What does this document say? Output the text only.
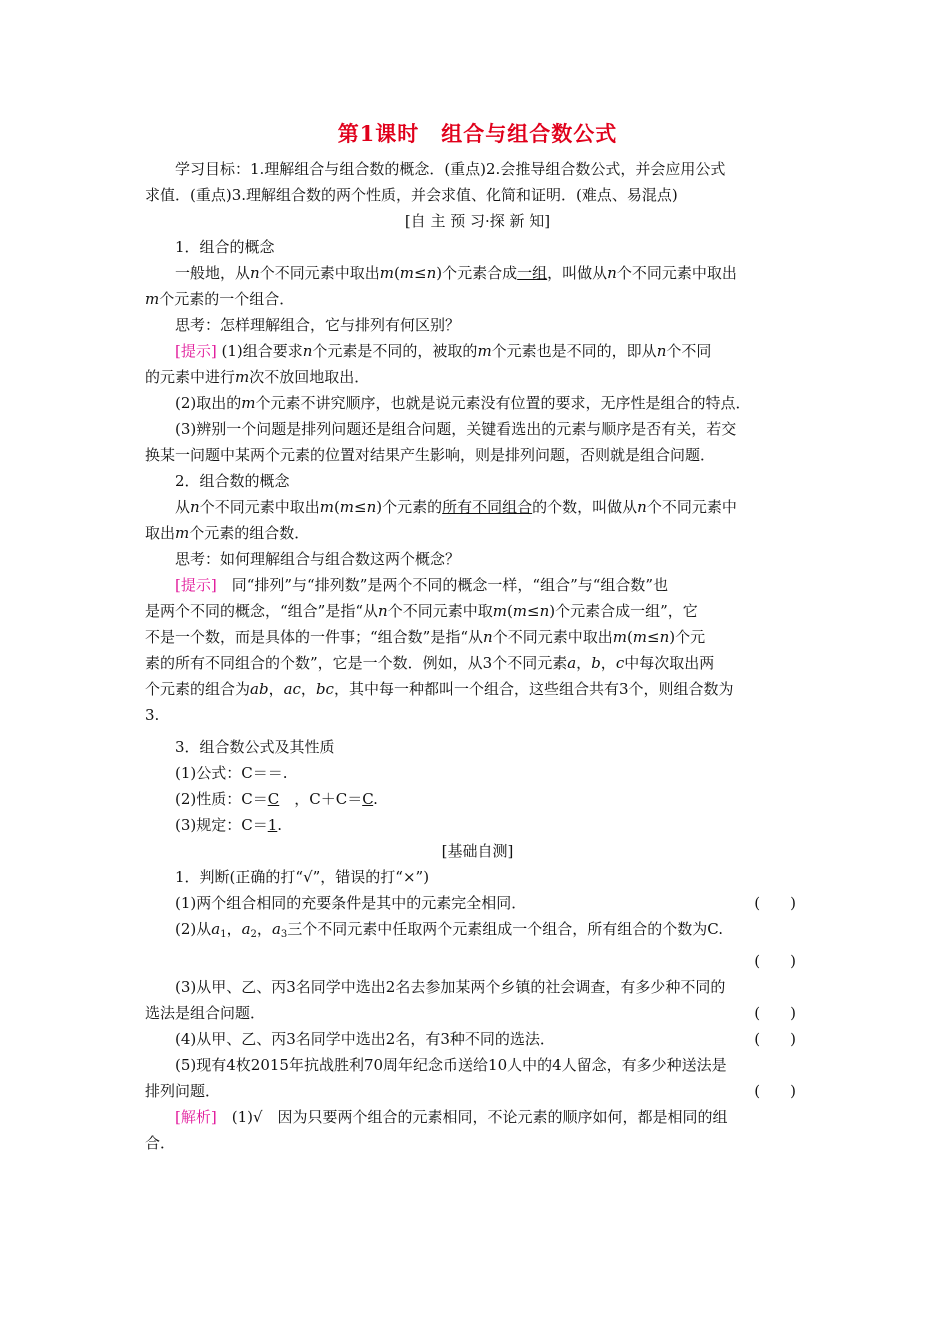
第1课时　组合与组合数公式
学习目标：1.理解组合与组合数的概念．(重点)2.会推导组合数公式，并会应用公式
求值．(重点)3.理解组合数的两个性质，并会求值、化简和证明．(难点、易混点)
[自 主 预 习·探 新 知]
1．组合的概念
一般地，从n个不同元素中取出m(m≤n)个元素合成一组，叫做从n个不同元素中取出
m个元素的一个组合．
思考：怎样理解组合，它与排列有何区别？
[提示] (1)组合要求n个元素是不同的，被取的m个元素也是不同的，即从n个不同
的元素中进行m次不放回地取出．
(2)取出的m个元素不讲究顺序，也就是说元素没有位置的要求，无序性是组合的特点．
(3)辨别一个问题是排列问题还是组合问题，关键看选出的元素与顺序是否有关，若交
换某一问题中某两个元素的位置对结果产生影响，则是排列问题，否则就是组合问题．
2．组合数的概念
从n个不同元素中取出m(m≤n)个元素的所有不同组合的个数，叫做从n个不同元素中
取出m个元素的组合数．
思考：如何理解组合与组合数这两个概念？
[提示]　同“排列”与“排列数”是两个不同的概念一样，“组合”与“组合数”也
是两个不同的概念，“组合”是指“从n个不同元素中取m(m≤n)个元素合成一组”，它
不是一个数，而是具体的一件事；“组合数”是指“从n个不同元素中取出m(m≤n)个元
素的所有不同组合的个数”，它是一个数．例如，从3个不同元素a，b，c中每次取出两
个元素的组合为ab，ac，bc，其中每一种都叫一个组合，这些组合共有3个，则组合数为
3.
3．组合数公式及其性质
(1)公式：C＝＝.
(2)性质：C＝C　 ，C＋C＝C.
(3)规定：C＝1.
[基础自测]
1．判断(正确的打“√”，错误的打“×”)
(1)两个组合相同的充要条件是其中的元素完全相同．	(　　)
(2)从$a_1$，$a_2$，$a_3$三个不同元素中任取两个元素组成一个组合，所有组合的个数为C.
(　　)
(3)从甲、乙、丙3名同学中选出2名去参加某两个乡镇的社会调查，有多少种不同的
选法是组合问题．	(　　)
(4)从甲、乙、丙3名同学中选出2名，有3种不同的选法．	(　　)
(5)现有4枚2015年抗战胜利70周年纪念币送给10人中的4人留念，有多少种送法是
排列问题．	(　　)
[解析]　(1)√　因为只要两个组合的元素相同，不论元素的顺序如何，都是相同的组
合．
